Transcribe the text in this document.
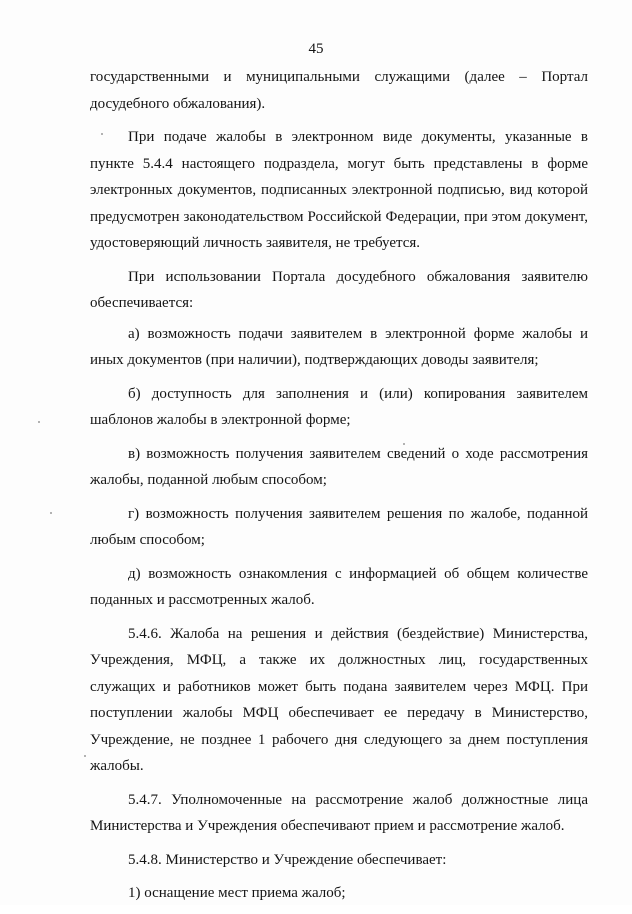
45

государственными и муниципальными служащими (далее – Портал досудебного обжалования).

При подаче жалобы в электронном виде документы, указанные в пункте 5.4.4 настоящего подраздела, могут быть представлены в форме электронных документов, подписанных электронной подписью, вид которой предусмотрен законодательством Российской Федерации, при этом документ, удостоверяющий личность заявителя, не требуется.

При использовании Портала досудебного обжалования заявителю обеспечивается:

а) возможность подачи заявителем в электронной форме жалобы и иных документов (при наличии), подтверждающих доводы заявителя;

б) доступность для заполнения и (или) копирования заявителем шаблонов жалобы в электронной форме;

в) возможность получения заявителем сведений о ходе рассмотрения жалобы, поданной любым способом;

г) возможность получения заявителем решения по жалобе, поданной любым способом;

д) возможность ознакомления с информацией об общем количестве поданных и рассмотренных жалоб.

5.4.6. Жалоба на решения и действия (бездействие) Министерства, Учреждения, МФЦ, а также их должностных лиц, государственных служащих и работников может быть подана заявителем через МФЦ. При поступлении жалобы МФЦ обеспечивает ее передачу в Министерство, Учреждение, не позднее 1 рабочего дня следующего за днем поступления жалобы.

5.4.7. Уполномоченные на рассмотрение жалоб должностные лица Министерства и Учреждения обеспечивают прием и рассмотрение жалоб.

5.4.8. Министерство и Учреждение обеспечивает:

1) оснащение мест приема жалоб;
